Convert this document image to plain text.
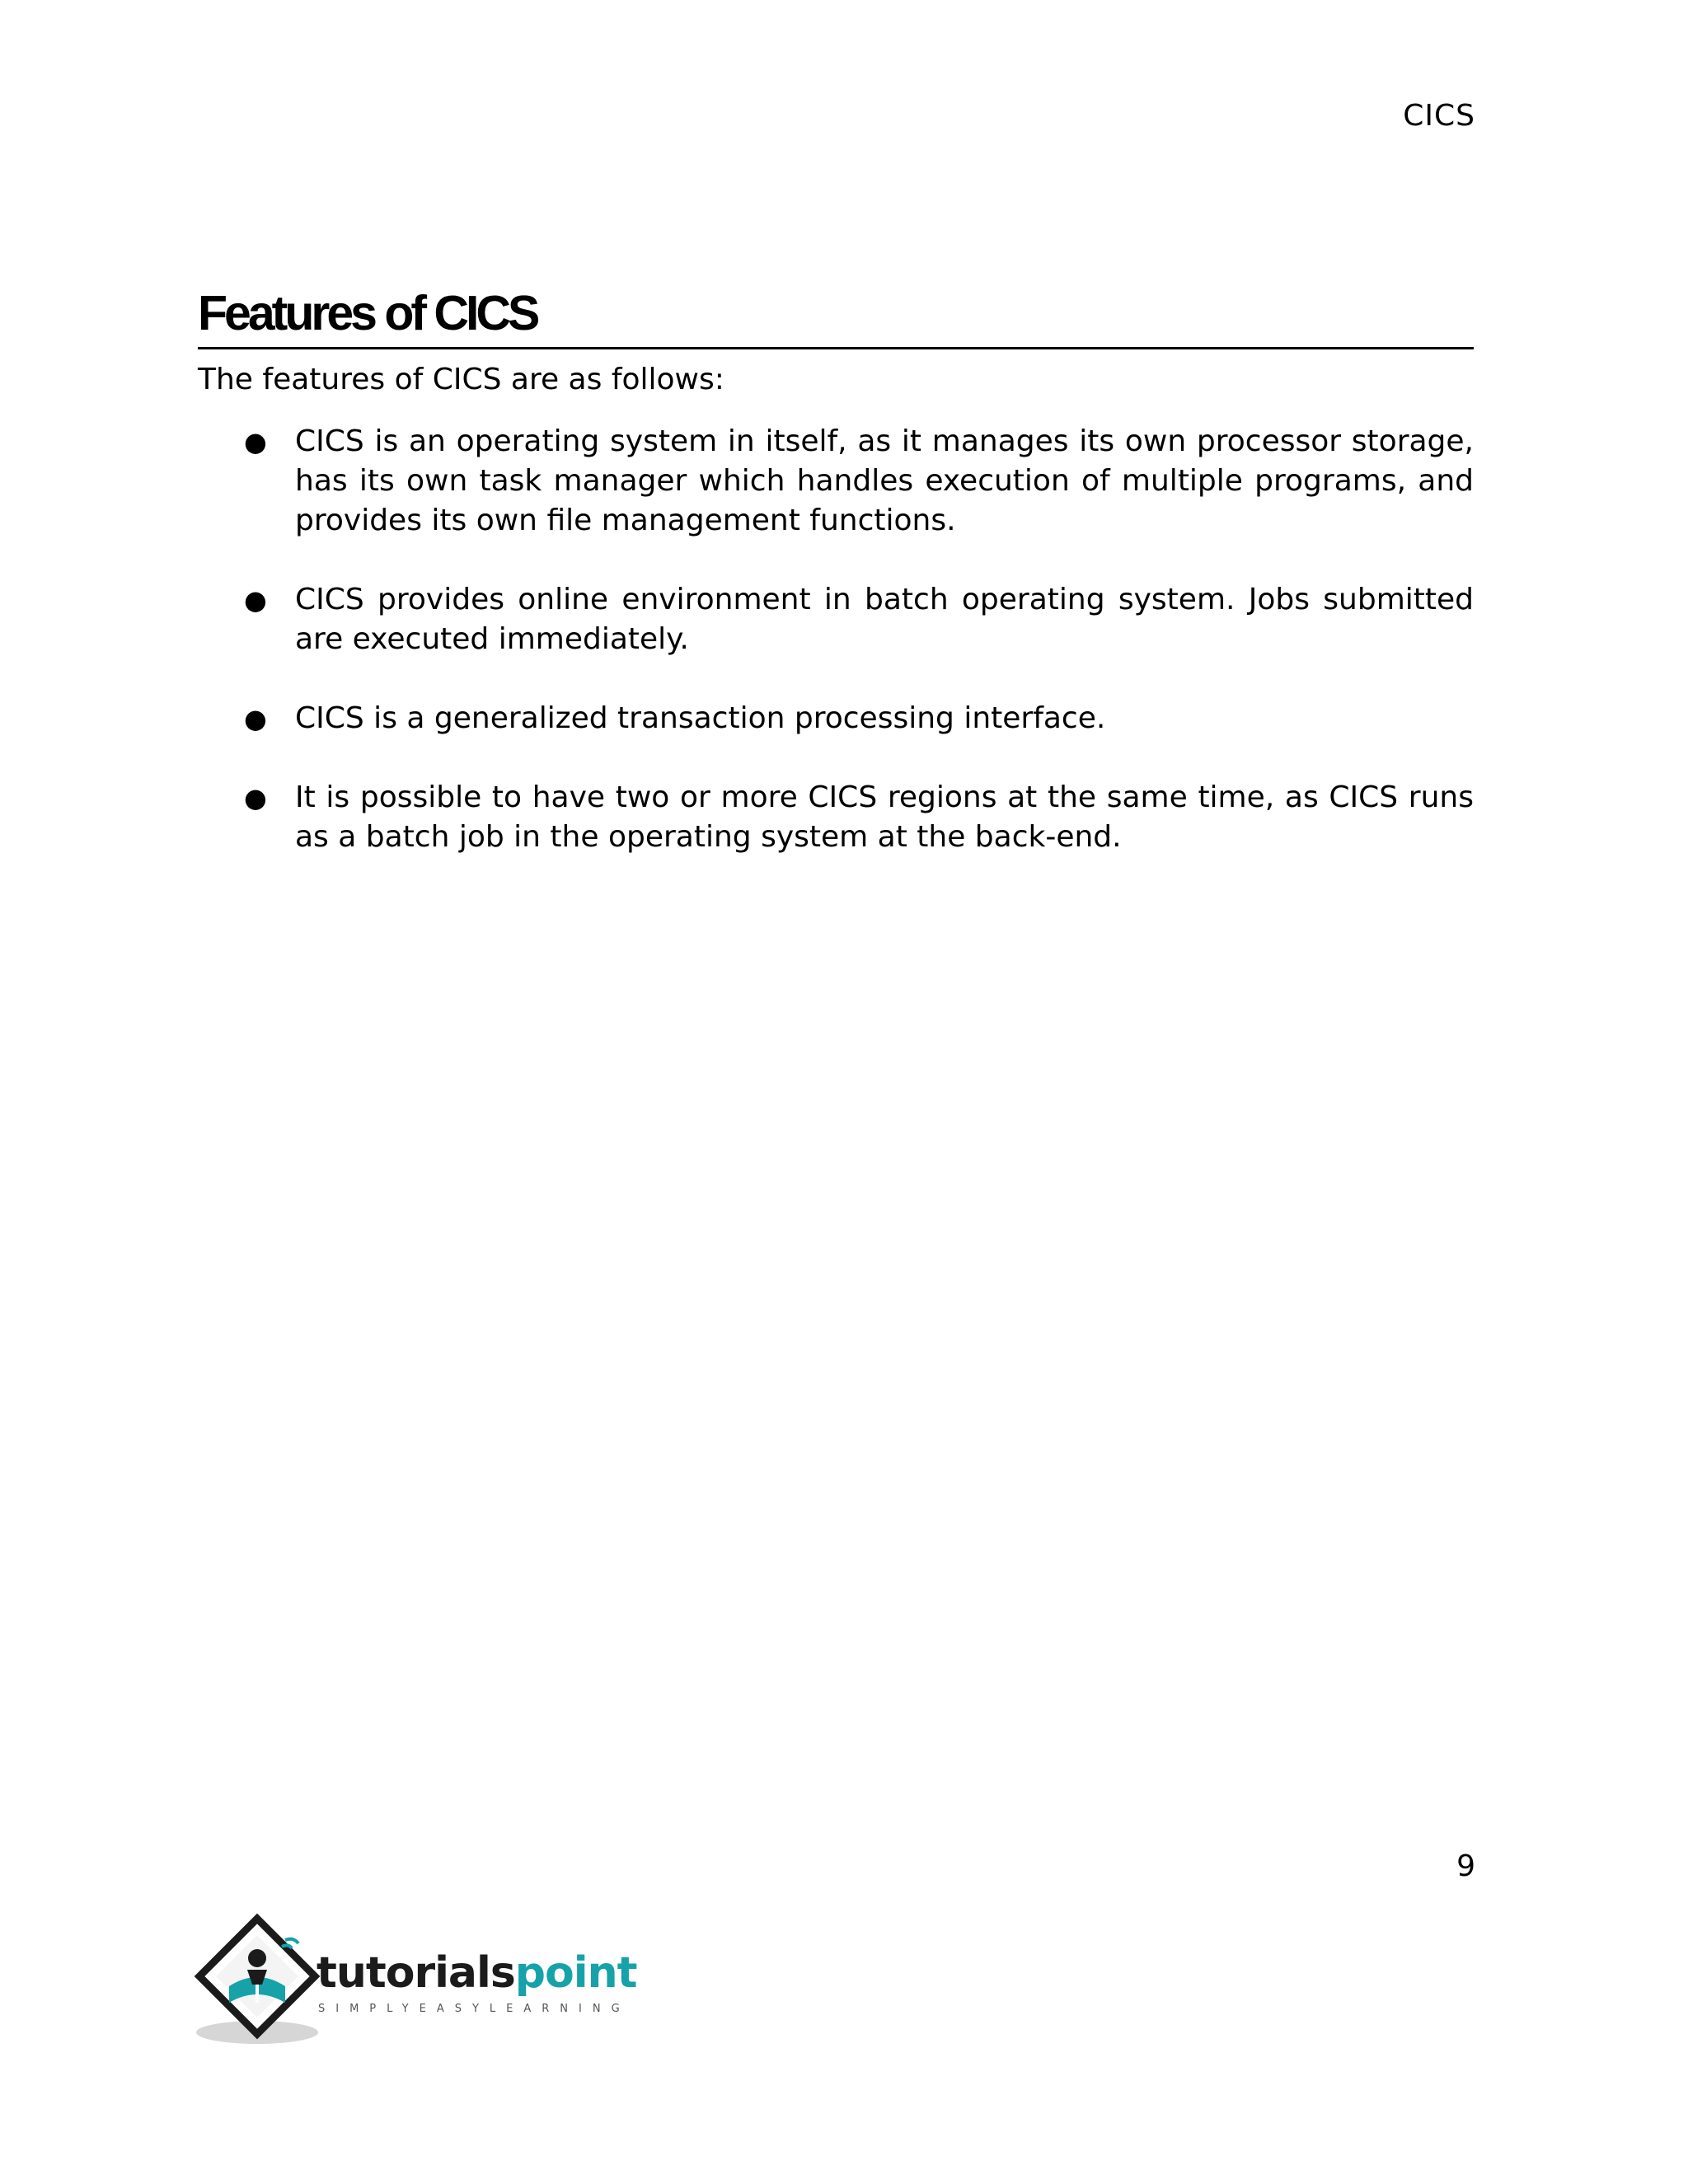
CICS
Features of CICS

The features of CICS are as follows:

● CICS is an operating system in itself, as it manages its own processor storage, has its own task manager which handles execution of multiple programs, and provides its own file management functions.
● CICS provides online environment in batch operating system. Jobs submitted are executed immediately.
● CICS is a generalized transaction processing interface.
● It is possible to have two or more CICS regions at the same time, as CICS runs as a batch job in the operating system at the back-end.
9
tutorialspoint
SIMPLYEASYLEARNING
